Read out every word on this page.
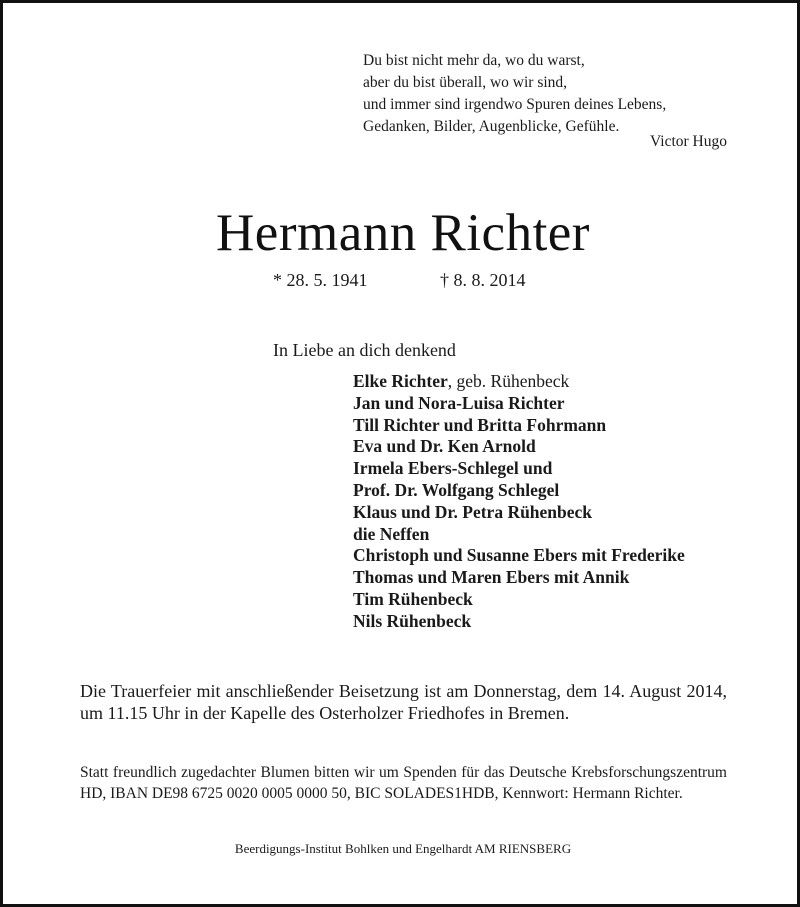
Du bist nicht mehr da, wo du warst,
aber du bist überall, wo wir sind,
und immer sind irgendwo Spuren deines Lebens,
Gedanken, Bilder, Augenblicke, Gefühle.
Victor Hugo
Hermann Richter
* 28. 5. 1941	† 8. 8. 2014
In Liebe an dich denkend
Elke Richter, geb. Rühenbeck
Jan und Nora-Luisa Richter
Till Richter und Britta Fohrmann
Eva und Dr. Ken Arnold
Irmela Ebers-Schlegel und
Prof. Dr. Wolfgang Schlegel
Klaus und Dr. Petra Rühenbeck
die Neffen
Christoph und Susanne Ebers mit Frederike
Thomas und Maren Ebers mit Annik
Tim Rühenbeck
Nils Rühenbeck
Die Trauerfeier mit anschließender Beisetzung ist am Donnerstag, dem 14. August 2014, um 11.15 Uhr in der Kapelle des Osterholzer Friedhofes in Bremen.
Statt freundlich zugedachter Blumen bitten wir um Spenden für das Deutsche Krebsforschungszentrum HD, IBAN DE98 6725 0020 0005 0000 50, BIC SOLADES1HDB, Kennwort: Hermann Richter.
Beerdigungs-Institut Bohlken und Engelhardt AM RIENSBERG
